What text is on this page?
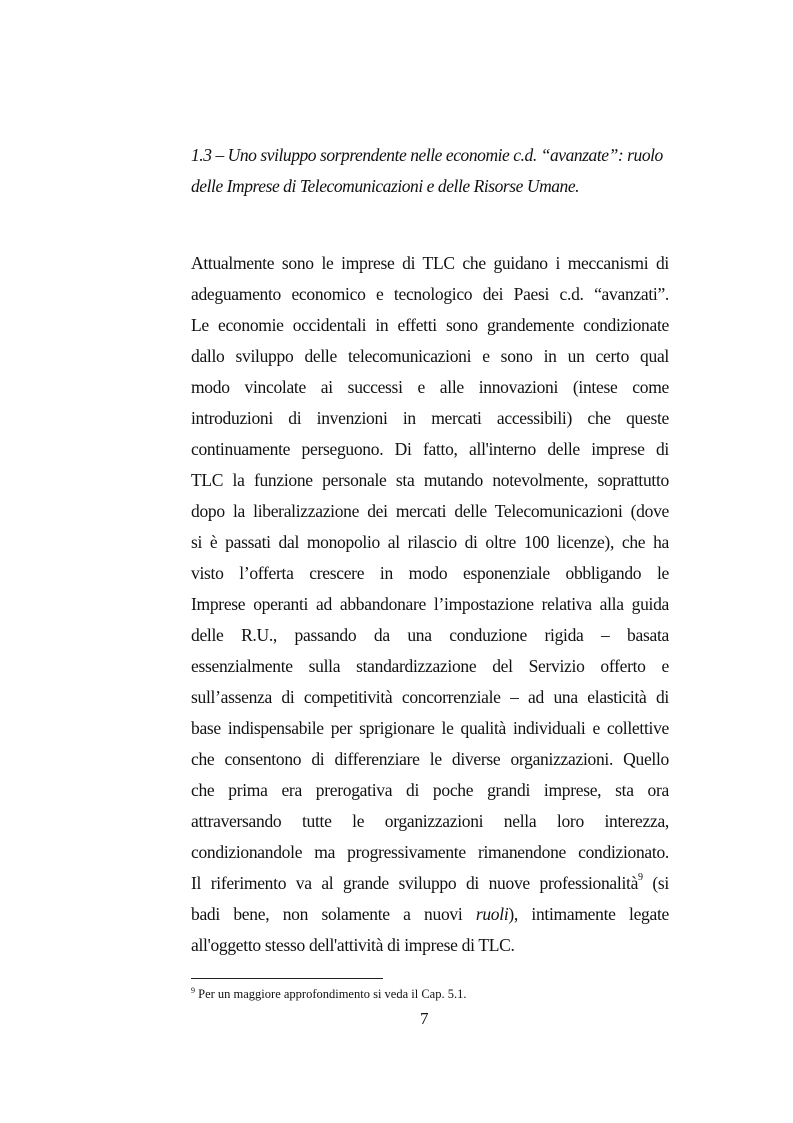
1.3 – Uno sviluppo sorprendente nelle economie c.d. “avanzate”: ruolo
delle Imprese di Telecomunicazioni e delle Risorse Umane.
Attualmente sono le imprese di TLC che guidano i meccanismi di
adeguamento economico e tecnologico dei Paesi c.d. “avanzati”.
Le economie occidentali in effetti sono grandemente condizionate
dallo sviluppo delle telecomunicazioni e sono in un certo qual
modo vincolate ai successi e alle innovazioni (intese come
introduzioni di invenzioni in mercati accessibili) che queste
continuamente perseguono. Di fatto, all'interno delle imprese di
TLC la funzione personale sta mutando notevolmente, soprattutto
dopo la liberalizzazione dei mercati delle Telecomunicazioni (dove
si è passati dal monopolio al rilascio di oltre 100 licenze), che ha
visto l’offerta crescere in modo esponenziale obbligando le
Imprese operanti ad abbandonare l’impostazione relativa alla guida
delle R.U., passando da una conduzione rigida – basata
essenzialmente sulla standardizzazione del Servizio offerto e
sull’assenza di competitività concorrenziale – ad una elasticità di
base indispensabile per sprigionare le qualità individuali e collettive
che consentono di differenziare le diverse organizzazioni. Quello
che prima era prerogativa di poche grandi imprese, sta ora
attraversando tutte le organizzazioni nella loro interezza,
condizionandole ma progressivamente rimanendone condizionato.
Il riferimento va al grande sviluppo di nuove professionalità$^9$ (si
badi bene, non solamente a nuovi ruoli), intimamente legate
all'oggetto stesso dell'attività di imprese di TLC.
$^9$ Per un maggiore approfondimento si veda il Cap. 5.1.
7
